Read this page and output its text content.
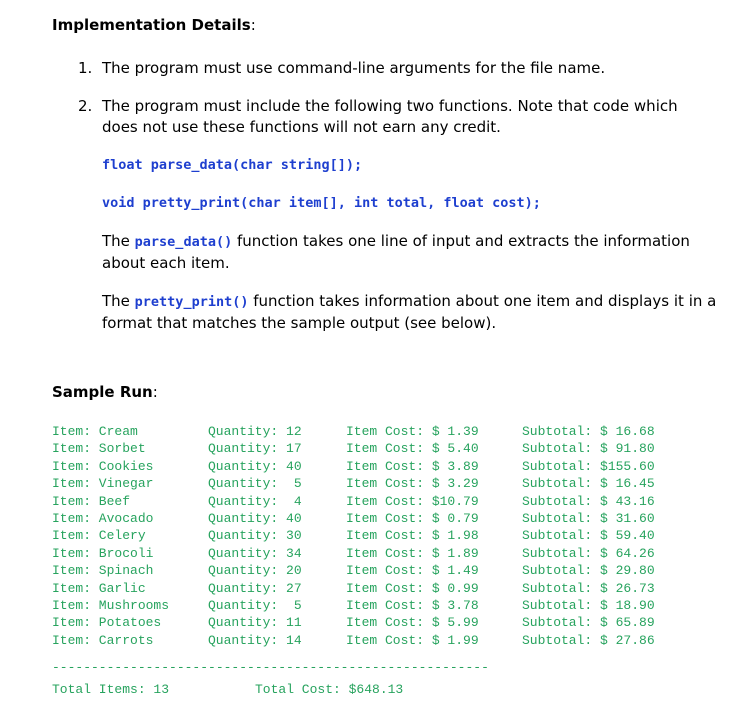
Implementation Details:
1. The program must use command-line arguments for the file name.
2. The program must include the following two functions. Note that code which does not use these functions will not earn any credit.

float parse_data(char string[]);

void pretty_print(char item[], int total, float cost);

The parse_data() function takes one line of input and extracts the information about each item.

The pretty_print() function takes information about one item and displays it in a format that matches the sample output (see below).

Sample Run:
Item: Cream	Quantity: 12	Item Cost: $ 1.39	Subtotal: $ 16.68
Item: Sorbet	Quantity: 17	Item Cost: $ 5.40	Subtotal: $ 91.80
Item: Cookies	Quantity: 40	Item Cost: $ 3.89	Subtotal: $155.60
Item: Vinegar	Quantity:  5	Item Cost: $ 3.29	Subtotal: $ 16.45
Item: Beef	Quantity:  4	Item Cost: $10.79	Subtotal: $ 43.16
Item: Avocado	Quantity: 40	Item Cost: $ 0.79	Subtotal: $ 31.60
Item: Celery	Quantity: 30	Item Cost: $ 1.98	Subtotal: $ 59.40
Item: Brocoli	Quantity: 34	Item Cost: $ 1.89	Subtotal: $ 64.26
Item: Spinach	Quantity: 20	Item Cost: $ 1.49	Subtotal: $ 29.80
Item: Garlic	Quantity: 27	Item Cost: $ 0.99	Subtotal: $ 26.73
Item: Mushrooms	Quantity:  5	Item Cost: $ 3.78	Subtotal: $ 18.90
Item: Potatoes	Quantity: 11	Item Cost: $ 5.99	Subtotal: $ 65.89
Item: Carrots	Quantity: 14	Item Cost: $ 1.99	Subtotal: $ 27.86
--------------------------------------------------------

Total Items: 13

	Total Cost: $648.13
